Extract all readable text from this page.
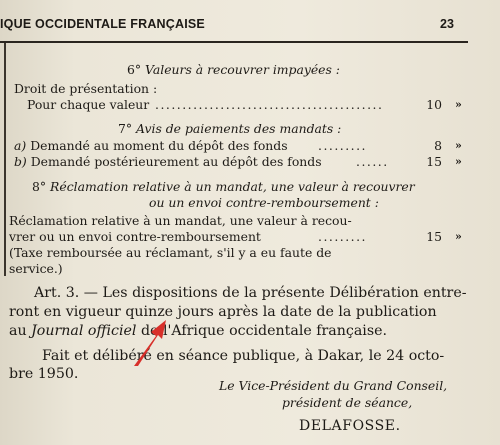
IQUE OCCIDENTALE FRANÇAISE	23
6° Valeurs à recouvrer impayées :
Droit de présentation :
Pour chaque valeur ..........................................	10 »
7° Avis de paiements des mandats :
a) Demandé au moment du dépôt des fonds .........	8 »
b) Demandé postérieurement au dépôt des fonds	......	15 »
8° Réclamation relative à un mandat, une valeur à recouvrer
ou un envoi contre-remboursement :
Réclamation relative à un mandat, une valeur à recou-
vrer ou un envoi contre-remboursement	.........	15 »
(Taxe remboursée au réclamant, s'il y a eu faute de
service.)
Art. 3. — Les dispositions de la présente Délibération entre-
ront en vigueur quinze jours après la date de la publication
au Journal officiel de l'Afrique occidentale française.
Fait et délibéré en séance publique, à Dakar, le 24 octo-
bre 1950.
Le Vice-Président du Grand Conseil,
président de séance,
DELAFOSSE.
